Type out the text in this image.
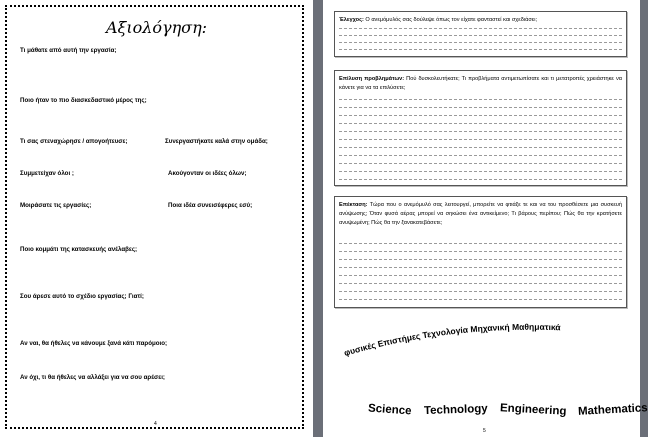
Αξιολόγηση:
Τι μάθατε από αυτή την εργασία;
Ποιο ήταν το πιο διασκεδαστικό μέρος της;
Τι σας στεναχώρησε / απογοήτευσε;	Συνεργαστήκατε καλά στην ομάδα;
Συμμετείχαν όλοι ;	Ακούγονταν οι ιδέες όλων;
Μοιράσατε τις εργασίες;	Ποια ιδέα συνεισέφερες εσύ;
Ποιο κομμάτι της κατασκευής ανέλαβες;
Σου άρεσε αυτό το σχέδιο εργασίας; Γιατί;
Αν ναι, θα ήθελες να κάνουμε ξανά κάτι παρόμοιο;
Αν όχι, τι θα ήθελες να αλλάξει για να σου αρέσει;
4
Έλεγχος: Ο ανεμόμυλός σας δούλεψε όπως τον είχατε φανταστεί και σχεδιάσει;
Επίλυση προβλημάτων: Πού δυσκολευτήκατε; Τι προβλήματα αντιμετωπίσατε και τι μετατροπές χρειάστηκε να κάνετε για να τα επιλύσετε;
Επέκταση: Τώρα που ο ανεμόμυλό σας λειτουργεί, μπορείτε να φτιάξε τε και να του προσθέσετε μια συσκευή ανύψωσης; Όταν φυσά αέρας μπορεί να σηκώσει ένα αντικείμενο; Τι βάρους περίπου; Πώς θα την κρατήσετε ανυψωμένη; Πώς θα την ξανακατεβάσετε;
φυσικές Επιστήμες Τεχνολογία Μηχανική Μαθηματικά
Science Technology Engineering Mathematics
5
